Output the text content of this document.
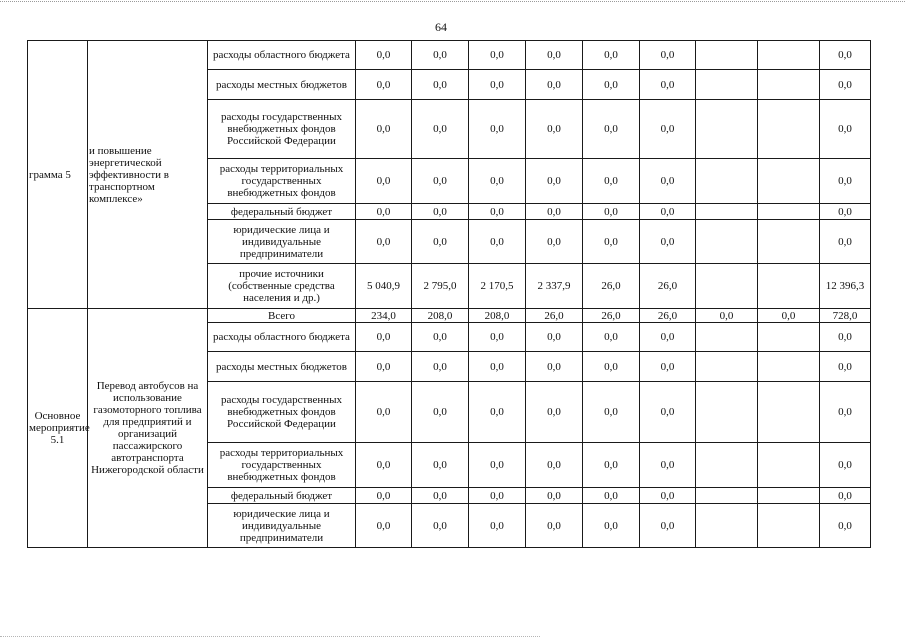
64
грамма 5	и повышение энергетической эффективности в транспортном комплексе»	расходы областного бюджета	0,0	0,0	0,0	0,0	0,0	0,0			0,0
		расходы местных бюджетов	0,0	0,0	0,0	0,0	0,0	0,0			0,0
		расходы государственных внебюджетных фондов Российской Федерации	0,0	0,0	0,0	0,0	0,0	0,0			0,0
		расходы территориальных государственных внебюджетных фондов	0,0	0,0	0,0	0,0	0,0	0,0			0,0
		федеральный бюджет	0,0	0,0	0,0	0,0	0,0	0,0			0,0
		юридические лица и индивидуальные предприниматели	0,0	0,0	0,0	0,0	0,0	0,0			0,0
		прочие источники (собственные средства населения и др.)	5 040,9	2 795,0	2 170,5	2 337,9	26,0	26,0			12 396,3
Основное мероприятие 5.1	Перевод автобусов на использование газомоторного топлива для предприятий и организаций пассажирского автотранспорта Нижегородской области	Всего	234,0	208,0	208,0	26,0	26,0	26,0	0,0	0,0	728,0
		расходы областного бюджета	0,0	0,0	0,0	0,0	0,0	0,0			0,0
		расходы местных бюджетов	0,0	0,0	0,0	0,0	0,0	0,0			0,0
		расходы государственных внебюджетных фондов Российской Федерации	0,0	0,0	0,0	0,0	0,0	0,0			0,0
		расходы территориальных государственных внебюджетных фондов	0,0	0,0	0,0	0,0	0,0	0,0			0,0
		федеральный бюджет	0,0	0,0	0,0	0,0	0,0	0,0			0,0
		юридические лица и индивидуальные предприниматели	0,0	0,0	0,0	0,0	0,0	0,0			0,0
